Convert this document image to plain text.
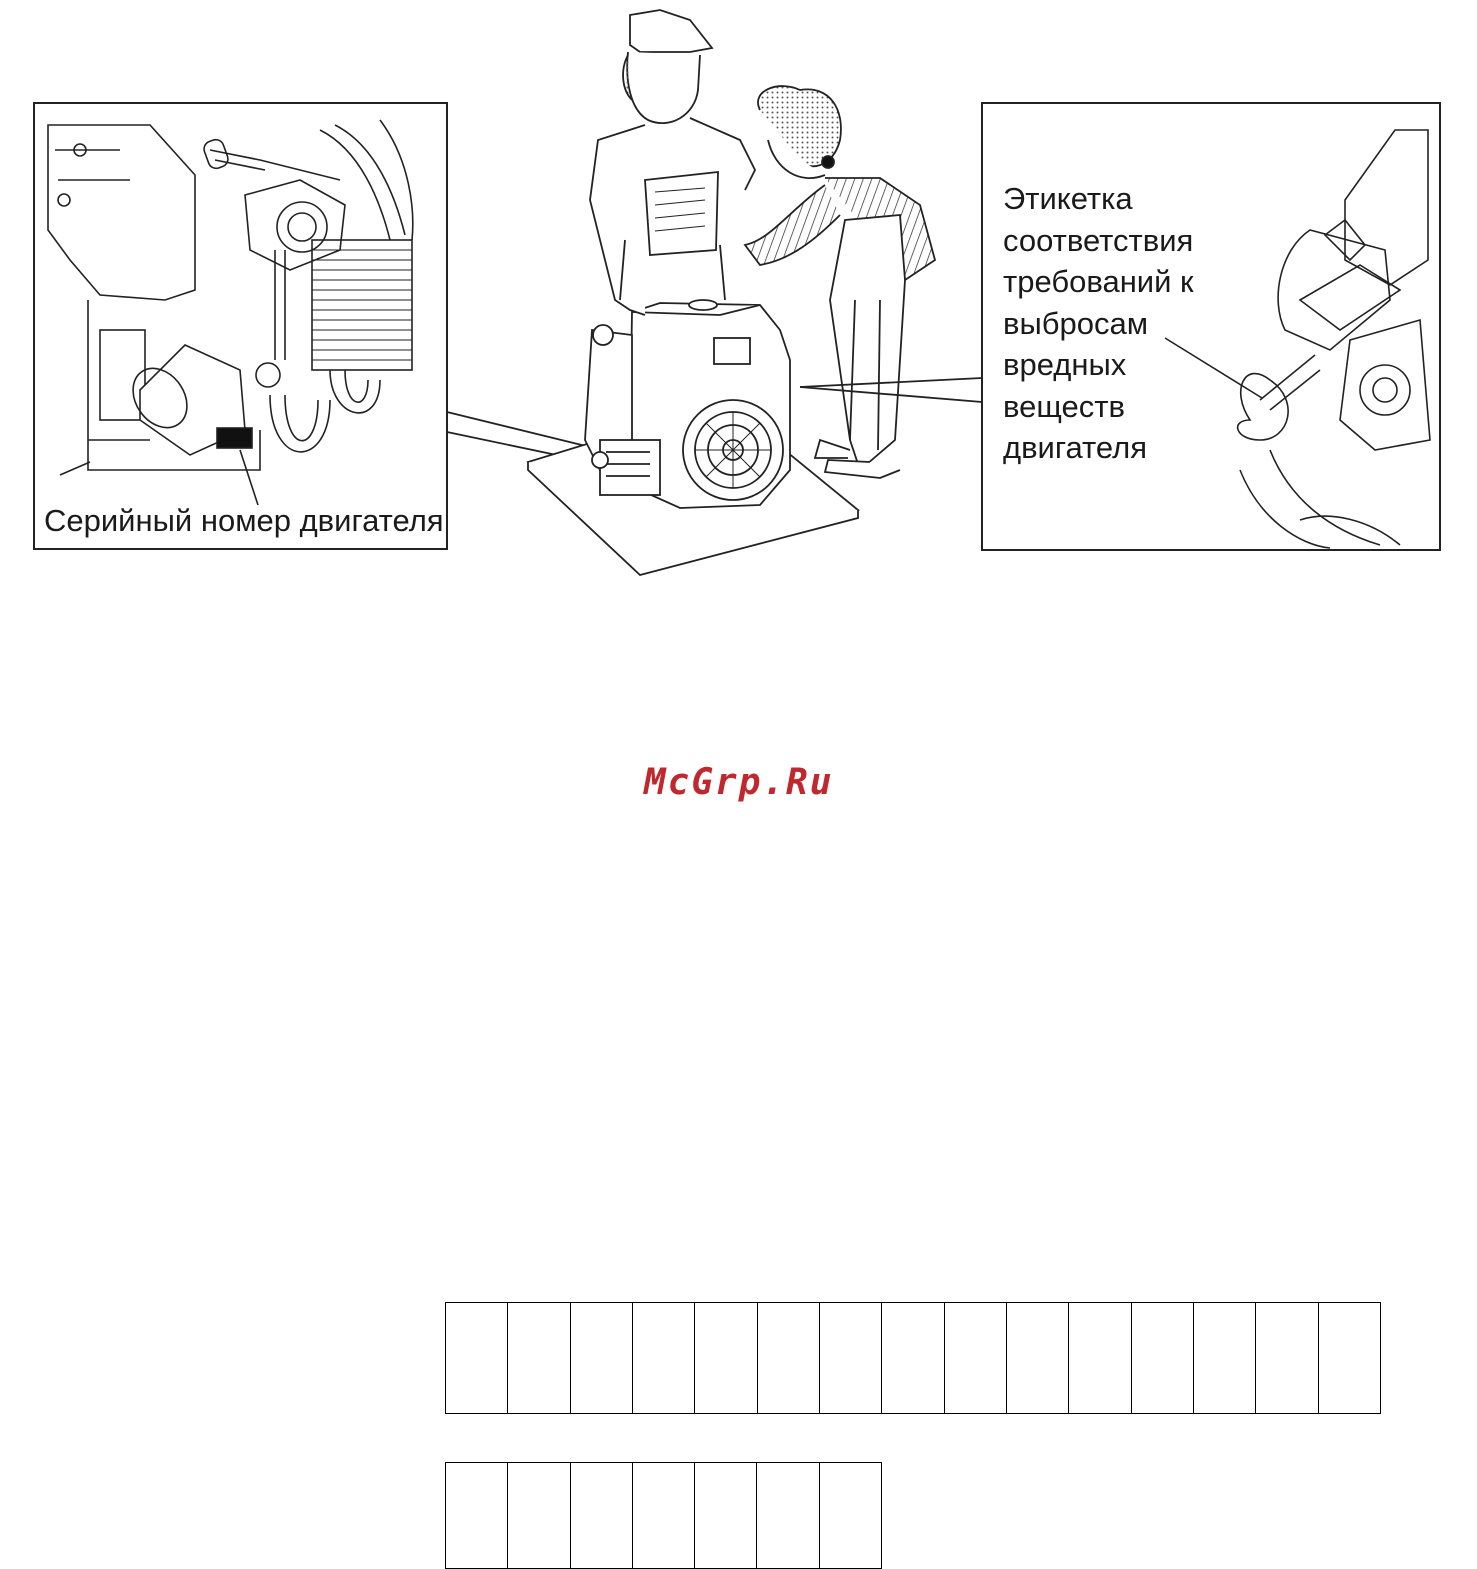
Серийный номер двигателя
Этикетка
соответствия
требований к
выбросам
вредных
веществ
двигателя
McGrp.Ru
